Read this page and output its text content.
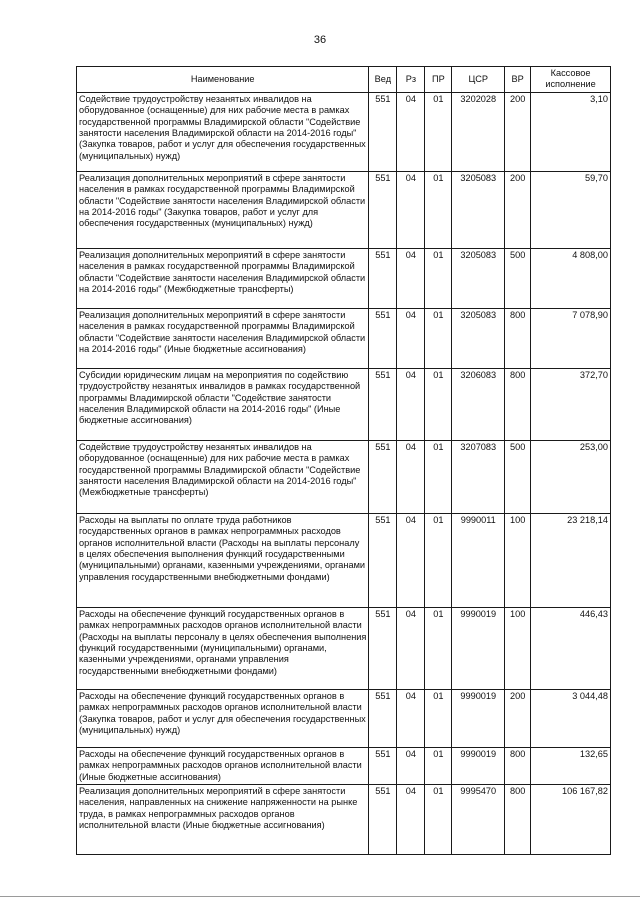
36
Наименование	Вед	Рз	ПР	ЦСР	ВР	Кассовое исполнение
Содействие трудоустройству незанятых инвалидов на оборудованное (оснащенные) для них рабочие места в рамках государственной программы Владимирской области "Содействие занятости населения Владимирской области на 2014-2016 годы" (Закупка товаров, работ и услуг для обеспечения государственных (муниципальных) нужд)	551	04	01	3202028	200	3,10
Реализация дополнительных мероприятий в сфере занятости населения в рамках государственной программы Владимирской области "Содействие занятости населения Владимирской области на 2014-2016 годы" (Закупка товаров, работ и услуг для обеспечения государственных (муниципальных) нужд)	551	04	01	3205083	200	59,70
Реализация дополнительных мероприятий в сфере занятости населения в рамках государственной программы Владимирской области "Содействие занятости населения Владимирской области на 2014-2016 годы" (Межбюджетные трансферты)	551	04	01	3205083	500	4 808,00
Реализация дополнительных мероприятий в сфере занятости населения в рамках государственной программы Владимирской области "Содействие занятости населения Владимирской области на 2014-2016 годы" (Иные бюджетные ассигнования)	551	04	01	3205083	800	7 078,90
Субсидии юридическим лицам на мероприятия по содействию трудоустройству незанятых инвалидов в рамках государственной программы Владимирской области "Содействие занятости населения Владимирской области на 2014-2016 годы" (Иные бюджетные ассигнования)	551	04	01	3206083	800	372,70
Содействие трудоустройству незанятых инвалидов на оборудованное (оснащенные) для них рабочие места в рамках государственной программы Владимирской области "Содействие занятости населения Владимирской области на 2014-2016 годы" (Межбюджетные трансферты)	551	04	01	3207083	500	253,00
Расходы на выплаты по оплате труда работников государственных органов в рамках непрограммных расходов органов исполнительной власти (Расходы на выплаты персоналу в целях обеспечения выполнения функций государственными (муниципальными) органами, казенными учреждениями, органами управления государственными внебюджетными фондами)	551	04	01	9990011	100	23 218,14
Расходы на обеспечение функций государственных органов в рамках непрограммных расходов органов исполнительной власти (Расходы на выплаты персоналу в целях обеспечения выполнения функций государственными (муниципальными) органами, казенными учреждениями, органами управления государственными внебюджетными фондами)	551	04	01	9990019	100	446,43
Расходы на обеспечение функций государственных органов в рамках непрограммных расходов органов исполнительной власти (Закупка товаров, работ и услуг для обеспечения государственных (муниципальных) нужд)	551	04	01	9990019	200	3 044,48
Расходы на обеспечение функций государственных органов в рамках непрограммных расходов органов исполнительной власти (Иные бюджетные ассигнования)	551	04	01	9990019	800	132,65
Реализация дополнительных мероприятий в сфере занятости населения, направленных на снижение напряженности на рынке труда, в рамках непрограммных расходов органов исполнительной власти (Иные бюджетные ассигнования)	551	04	01	9995470	800	106 167,82
